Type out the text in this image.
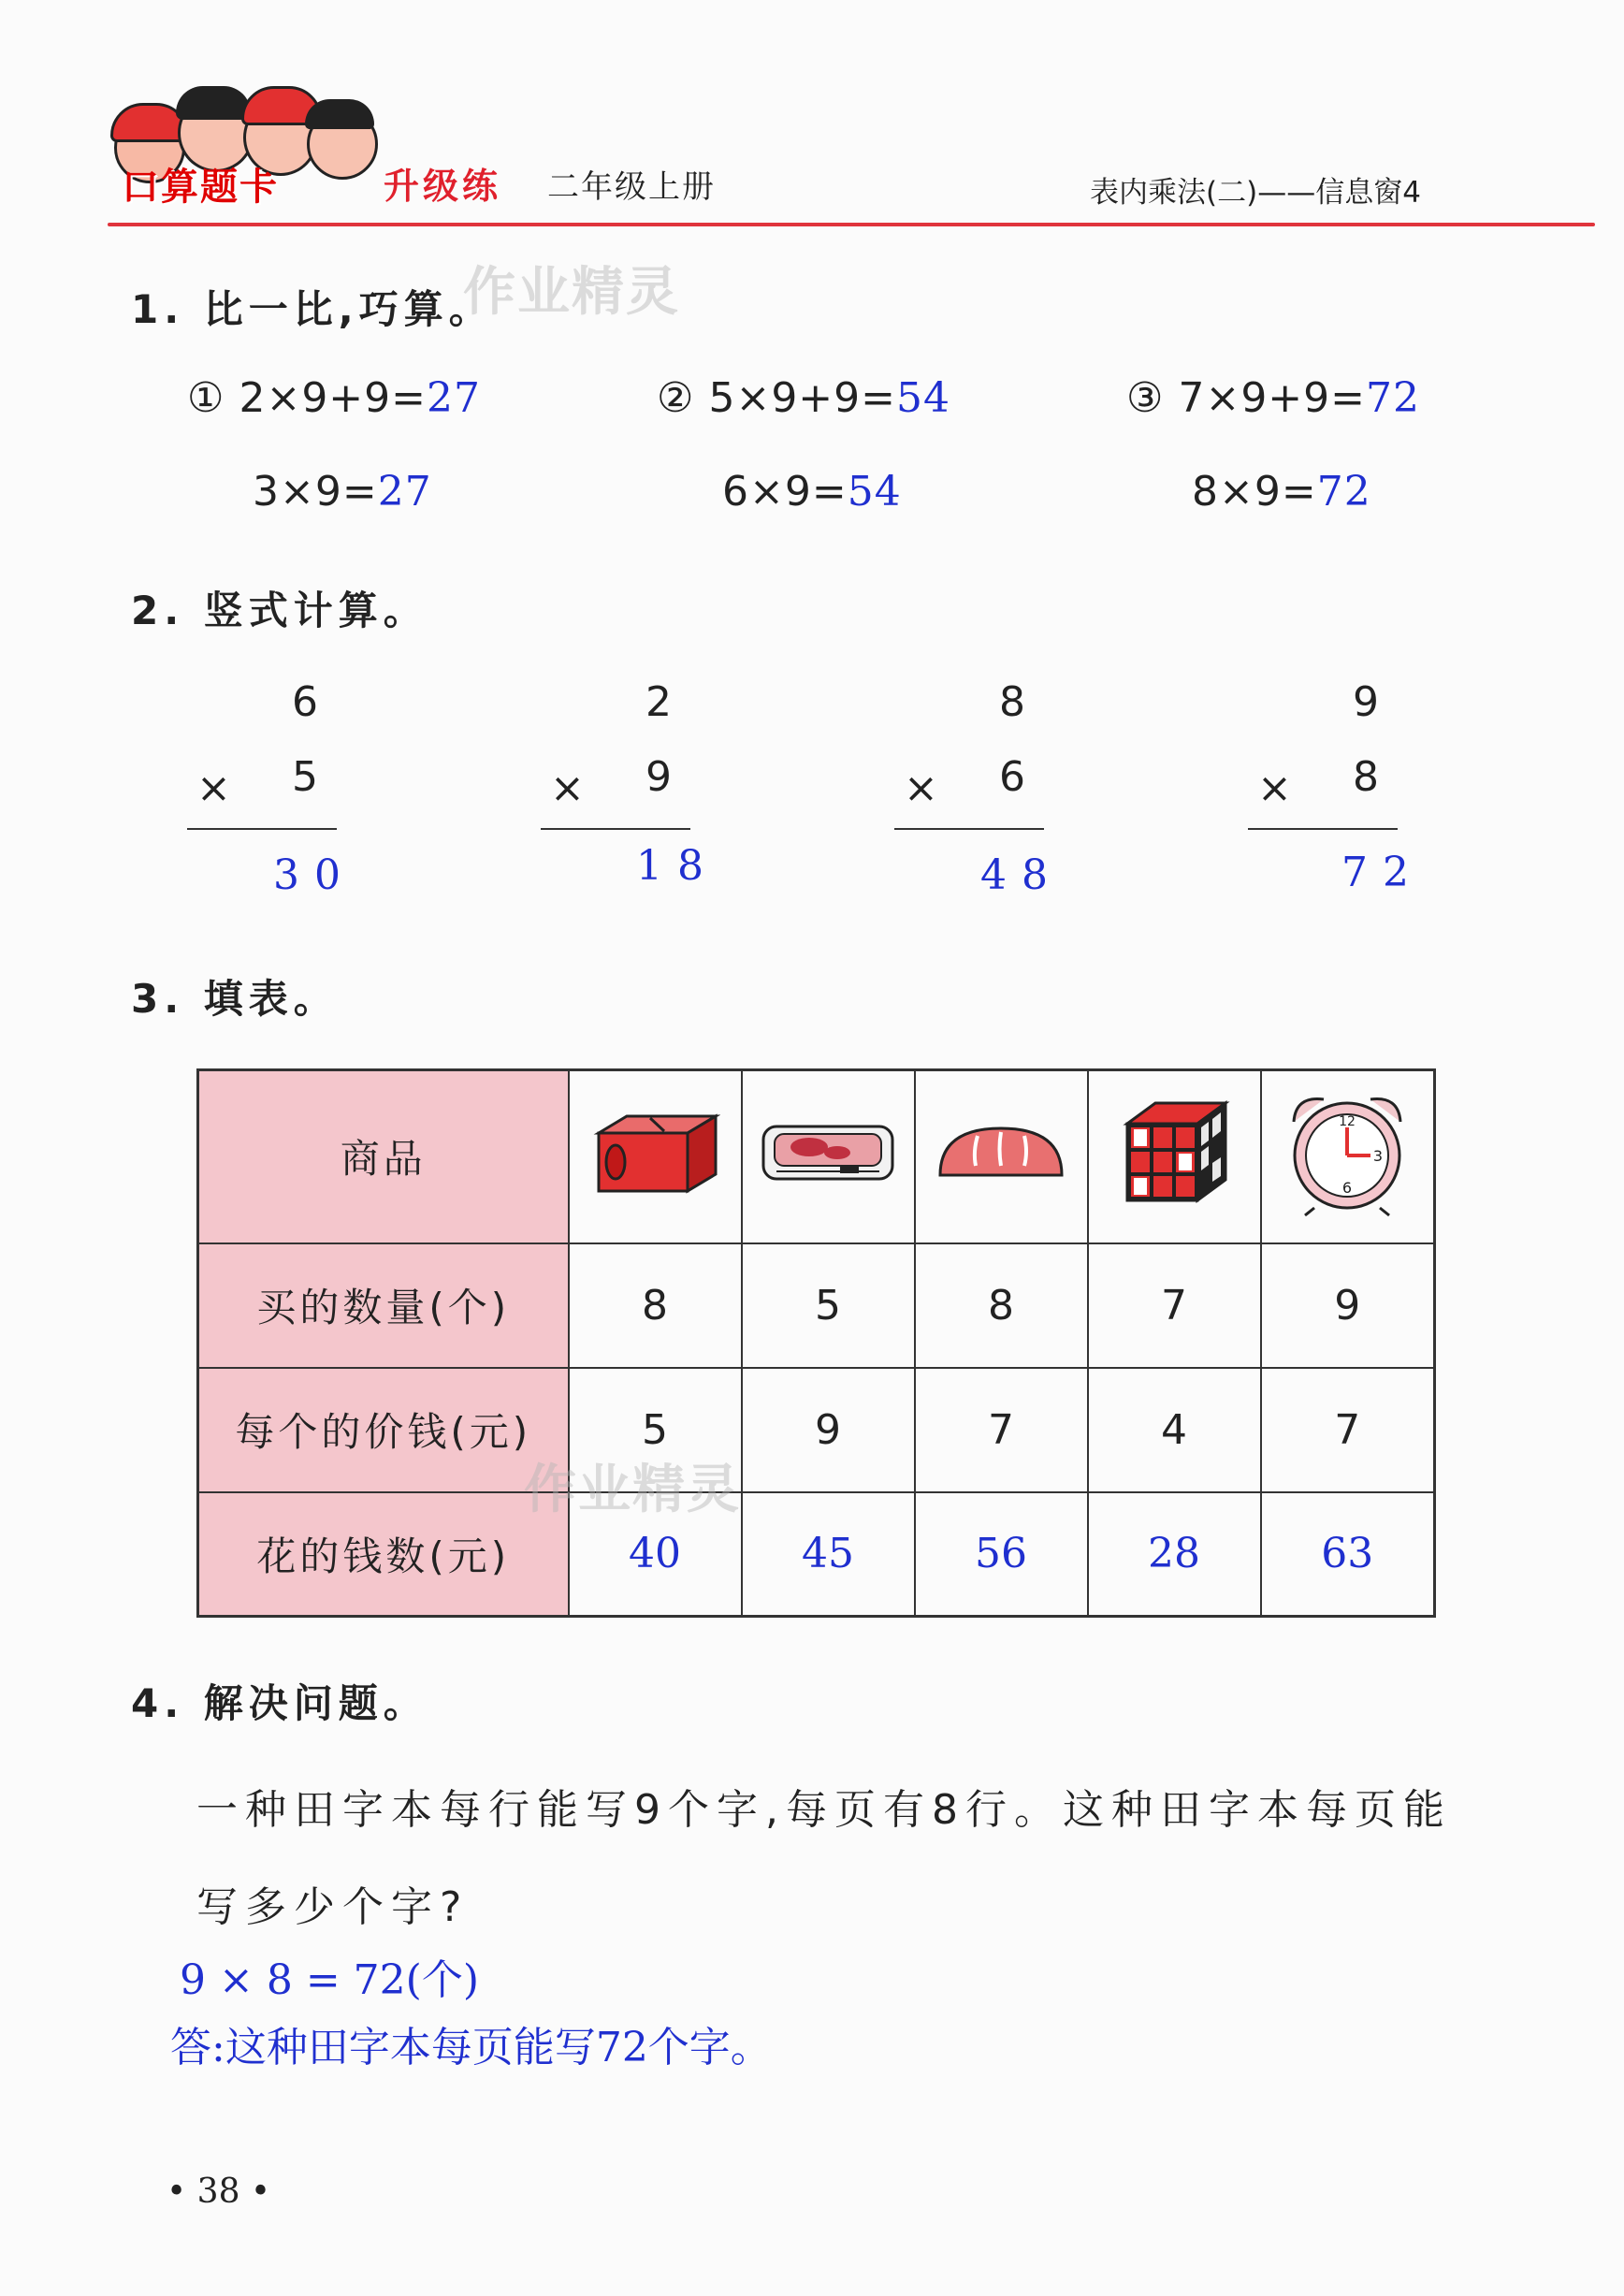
口算题卡	升级练 二年级上册	表内乘法(二)——信息窗4
1. 比一比,巧算。
作业精灵
① 2×9+9=27
3×9=27
② 5×9+9=54
6×9=54
③ 7×9+9=72
8×9=72
2. 竖式计算。
6
× 5
30
2
× 9
18
8
× 6
48
9
× 8
72
3. 填表。
商品					12
3
6

买的数量(个)	8	5	8	7	9
每个的价钱(元)	5	9	7	4	7
花的钱数(元)	40	45	56	28	63
作业精灵
4. 解决问题。
一种田字本每行能写9个字,每页有8行。这种田字本每页能
写多少个字?
9 × 8 = 72(个)
答:这种田字本每页能写72个字。
• 38 •
